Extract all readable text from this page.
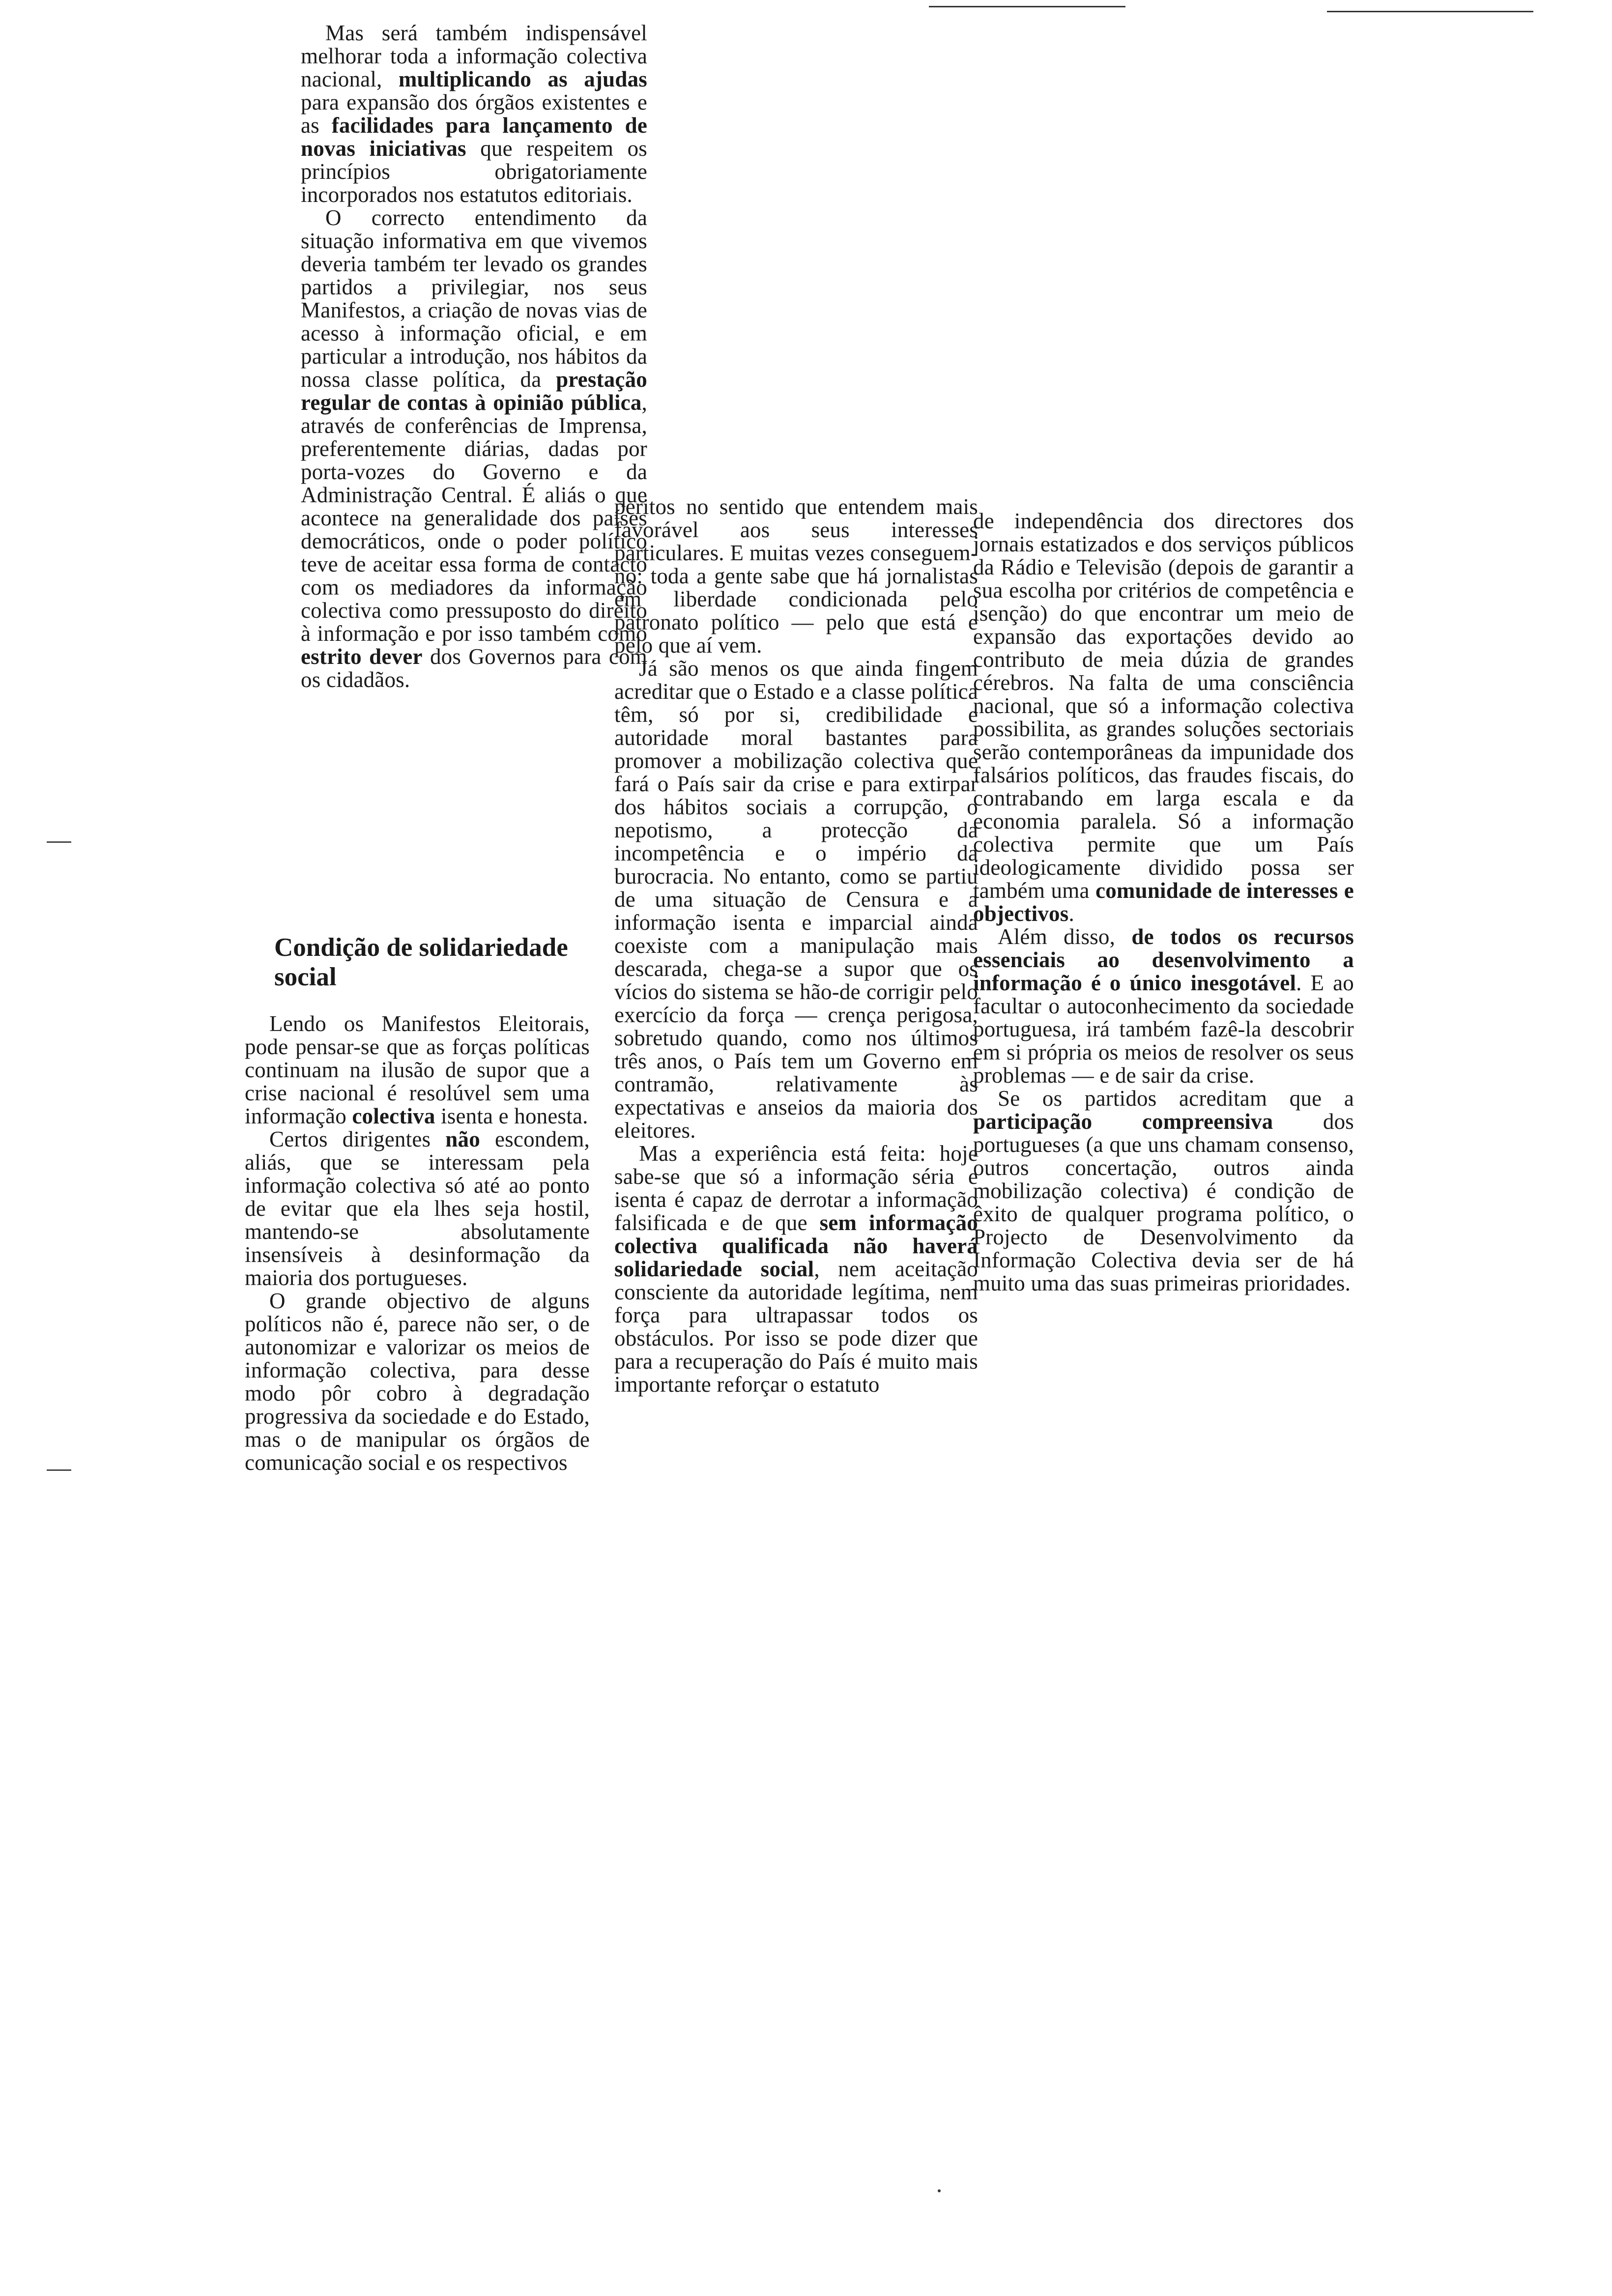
Mas será também indispensável melhorar toda a informação colectiva nacional, multiplicando as ajudas para expansão dos órgãos existentes e as facilidades para lançamento de novas iniciativas que respeitem os princípios obrigatoriamente incorporados nos estatutos editoriais.

O correcto entendimento da situação informativa em que vivemos deveria também ter levado os grandes partidos a privilegiar, nos seus Manifestos, a criação de novas vias de acesso à informação oficial, e em particular a introdução, nos hábitos da nossa classe política, da prestação regular de contas à opinião pública, através de conferências de Imprensa, preferentemente diárias, dadas por porta-vozes do Governo e da Administração Central. É aliás o que acontece na generalidade dos países democráticos, onde o poder político teve de aceitar essa forma de contacto com os mediadores da informação colectiva como pressuposto do direito à informação e por isso também como estrito dever dos Governos para com os cidadãos.

Condição de solidariedade social

Lendo os Manifestos Eleitorais, pode pensar-se que as forças políticas continuam na ilusão de supor que a crise nacional é resolúvel sem uma informação colectiva isenta e honesta.

Certos dirigentes não escondem, aliás, que se interessam pela informação colectiva só até ao ponto de evitar que ela lhes seja hostil, mantendo-se absolutamente insensíveis à desinformação da maioria dos portugueses.

O grande objectivo de alguns políticos não é, parece não ser, o de autonomizar e valorizar os meios de informação colectiva, para desse modo pôr cobro à degradação progressiva da sociedade e do Estado, mas o de manipular os órgãos de comunicação social e os respectivos

peritos no sentido que entendem mais favorável aos seus interesses particulares. E muitas vezes conseguem-no: toda a gente sabe que há jornalistas em liberdade condicionada pelo patronato político — pelo que está e pelo que aí vem.

Já são menos os que ainda fingem acreditar que o Estado e a classe política têm, só por si, credibilidade e autoridade moral bastantes para promover a mobilização colectiva que fará o País sair da crise e para extirpar dos hábitos sociais a corrupção, o nepotismo, a protecção da incompetência e o império da burocracia. No entanto, como se partiu de uma situação de Censura e a informação isenta e imparcial ainda coexiste com a manipulação mais descarada, chega-se a supor que os vícios do sistema se hão-de corrigir pelo exercício da força — crença perigosa, sobretudo quando, como nos últimos três anos, o País tem um Governo em contramão, relativamente às expectativas e anseios da maioria dos eleitores.

Mas a experiência está feita: hoje sabe-se que só a informação séria e isenta é capaz de derrotar a informação falsificada e de que sem informação colectiva qualificada não haverá solidariedade social, nem aceitação consciente da autoridade legítima, nem força para ultrapassar todos os obstáculos. Por isso se pode dizer que para a recuperação do País é muito mais importante reforçar o estatuto

de independência dos directores dos jornais estatizados e dos serviços públicos da Rádio e Televisão (depois de garantir a sua escolha por critérios de competência e isenção) do que encontrar um meio de expansão das exportações devido ao contributo de meia dúzia de grandes cérebros. Na falta de uma consciência nacional, que só a informação colectiva possibilita, as grandes soluções sectoriais serão contemporâneas da impunidade dos falsários políticos, das fraudes fiscais, do contrabando em larga escala e da economia paralela. Só a informação colectiva permite que um País ideologicamente dividido possa ser também uma comunidade de interesses e objectivos.

Além disso, de todos os recursos essenciais ao desenvolvimento a informação é o único inesgotável. E ao facultar o autoconhecimento da sociedade portuguesa, irá também fazê-la descobrir em si própria os meios de resolver os seus problemas — e de sair da crise.

Se os partidos acreditam que a participação compreensiva dos portugueses (a que uns chamam consenso, outros concertação, outros ainda mobilização colectiva) é condição de êxito de qualquer programa político, o Projecto de Desenvolvimento da Informação Colectiva devia ser de há muito uma das suas primeiras prioridades.
